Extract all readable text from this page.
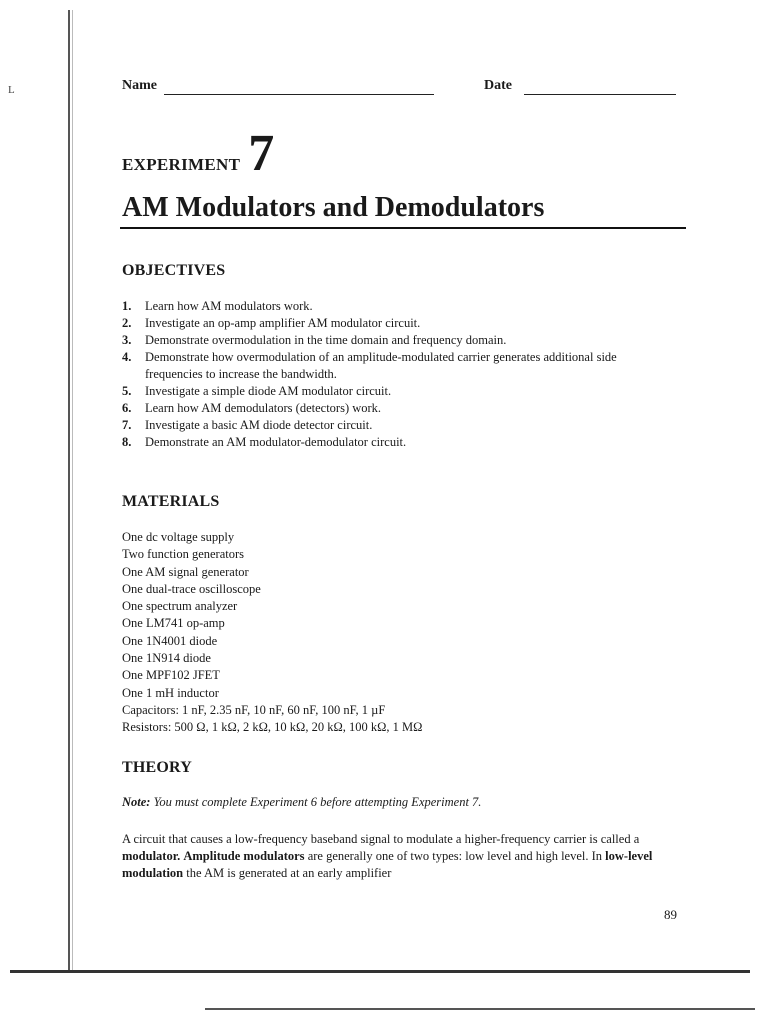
L	Name	Date
EXPERIMENT 7
AM Modulators and Demodulators
OBJECTIVES
1. Learn how AM modulators work.
2. Investigate an op-amp amplifier AM modulator circuit.
3. Demonstrate overmodulation in the time domain and frequency domain.
4. Demonstrate how overmodulation of an amplitude-modulated carrier generates additional side frequencies to increase the bandwidth.
5. Investigate a simple diode AM modulator circuit.
6. Learn how AM demodulators (detectors) work.
7. Investigate a basic AM diode detector circuit.
8. Demonstrate an AM modulator-demodulator circuit.
MATERIALS
One dc voltage supply
Two function generators
One AM signal generator
One dual-trace oscilloscope
One spectrum analyzer
One LM741 op-amp
One 1N4001 diode
One 1N914 diode
One MPF102 JFET
One 1 mH inductor
Capacitors: 1 nF, 2.35 nF, 10 nF, 60 nF, 100 nF, 1 µF
Resistors: 500 Ω, 1 kΩ, 2 kΩ, 10 kΩ, 20 kΩ, 100 kΩ, 1 MΩ
THEORY
Note: You must complete Experiment 6 before attempting Experiment 7.
A circuit that causes a low-frequency baseband signal to modulate a higher-frequency carrier is called a modulator. Amplitude modulators are generally one of two types: low level and high level. In low-level modulation the AM is generated at an early amplifier
89
